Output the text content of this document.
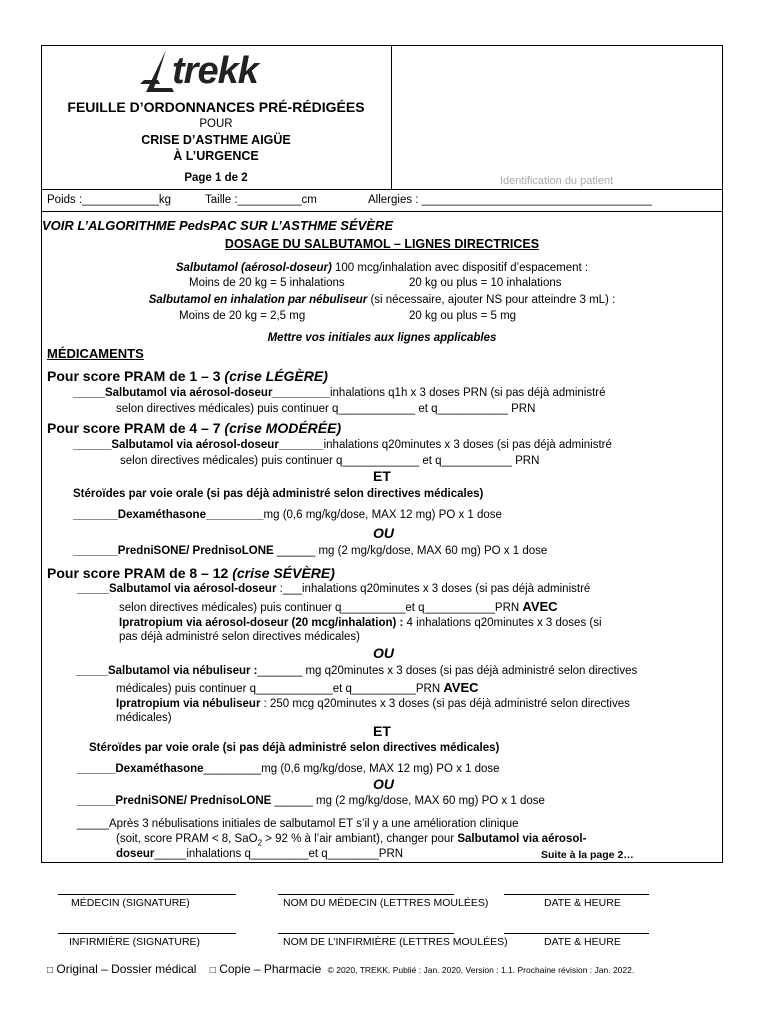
trekk
FEUILLE D’ORDONNANCES PRÉ-RÉDIGÉES
POUR
CRISE D’ASTHME AIGÜE
À L’URGENCE
Page 1 de 2	Identification du patient
Poids :____________kg	Taille :__________cm	Allergies : ____________________________________
VOIR L’ALGORITHME PedsPAC SUR L’ASTHME SÉVÈRE
DOSAGE DU SALBUTAMOL – LIGNES DIRECTRICES
Salbutamol (aérosol-doseur) 100 mcg/inhalation avec dispositif d’espacement :
Moins de 20 kg = 5 inhalations	20 kg ou plus = 10 inhalations
Salbutamol en inhalation par nébuliseur (si nécessaire, ajouter NS pour atteindre 3 mL) :
Moins de 20 kg = 2,5 mg	20 kg ou plus = 5 mg
Mettre vos initiales aux lignes applicables
MÉDICAMENTS
Pour score PRAM de 1 – 3 (crise LÉGÈRE)
_____Salbutamol via aérosol-doseur_________inhalations q1h x 3 doses PRN (si pas déjà administré
selon directives médicales) puis continuer q____________ et q___________ PRN
Pour score PRAM de 4 – 7 (crise MODÉRÉE)
______Salbutamol via aérosol-doseur_______inhalations q20minutes x 3 doses (si pas déjà administré
selon directives médicales) puis continuer q____________ et q___________ PRN
ET
Stéroïdes par voie orale (si pas déjà administré selon directives médicales)
_______Dexaméthasone_________mg (0,6 mg/kg/dose, MAX 12 mg) PO x 1 dose
OU
_______PredniSONE/ PrednisoLONE ______ mg (2 mg/kg/dose, MAX 60 mg) PO x 1 dose
Pour score PRAM de 8 – 12 (crise SÉVÈRE)
_____Salbutamol via aérosol-doseur :___inhalations q20minutes x 3 doses (si pas déjà administré
selon directives médicales) puis continuer q__________et q___________PRN AVEC
Ipratropium via aérosol-doseur (20 mcg/inhalation) : 4 inhalations q20minutes x 3 doses (si
pas déjà administré selon directives médicales)
OU
_____Salbutamol via nébuliseur :_______ mg q20minutes x 3 doses (si pas déjà administré selon directives
médicales) puis continuer q____________et q__________PRN AVEC
Ipratropium via nébuliseur : 250 mcg q20minutes x 3 doses (si pas déjà administré selon directives
médicales)
ET
Stéroïdes par voie orale (si pas déjà administré selon directives médicales)
______Dexaméthasone_________mg (0,6 mg/kg/dose, MAX 12 mg) PO x 1 dose
OU
______PredniSONE/ PrednisoLONE ______ mg (2 mg/kg/dose, MAX 60 mg) PO x 1 dose
_____Après 3 nébulisations initiales de salbutamol ET s’il y a une amélioration clinique
(soit, score PRAM < 8, SaO$_2$ > 92 % à l’air ambiant), changer pour Salbutamol via aérosol-
doseur_____inhalations q_________et q________PRN	Suite à la page 2…
MÉDECIN (SIGNATURE)	NOM DU MÉDECIN (LETTRES MOULÉES)	DATE & HEURE
INFIRMIÈRE (SIGNATURE)	NOM DE L’INFIRMIÈRE (LETTRES MOULÉES)	DATE & HEURE
□ Original – Dossier médical □ Copie – Pharmacie © 2020, TREKK. Publié : Jan. 2020, Version : 1.1. Prochaine révision : Jan. 2022.
